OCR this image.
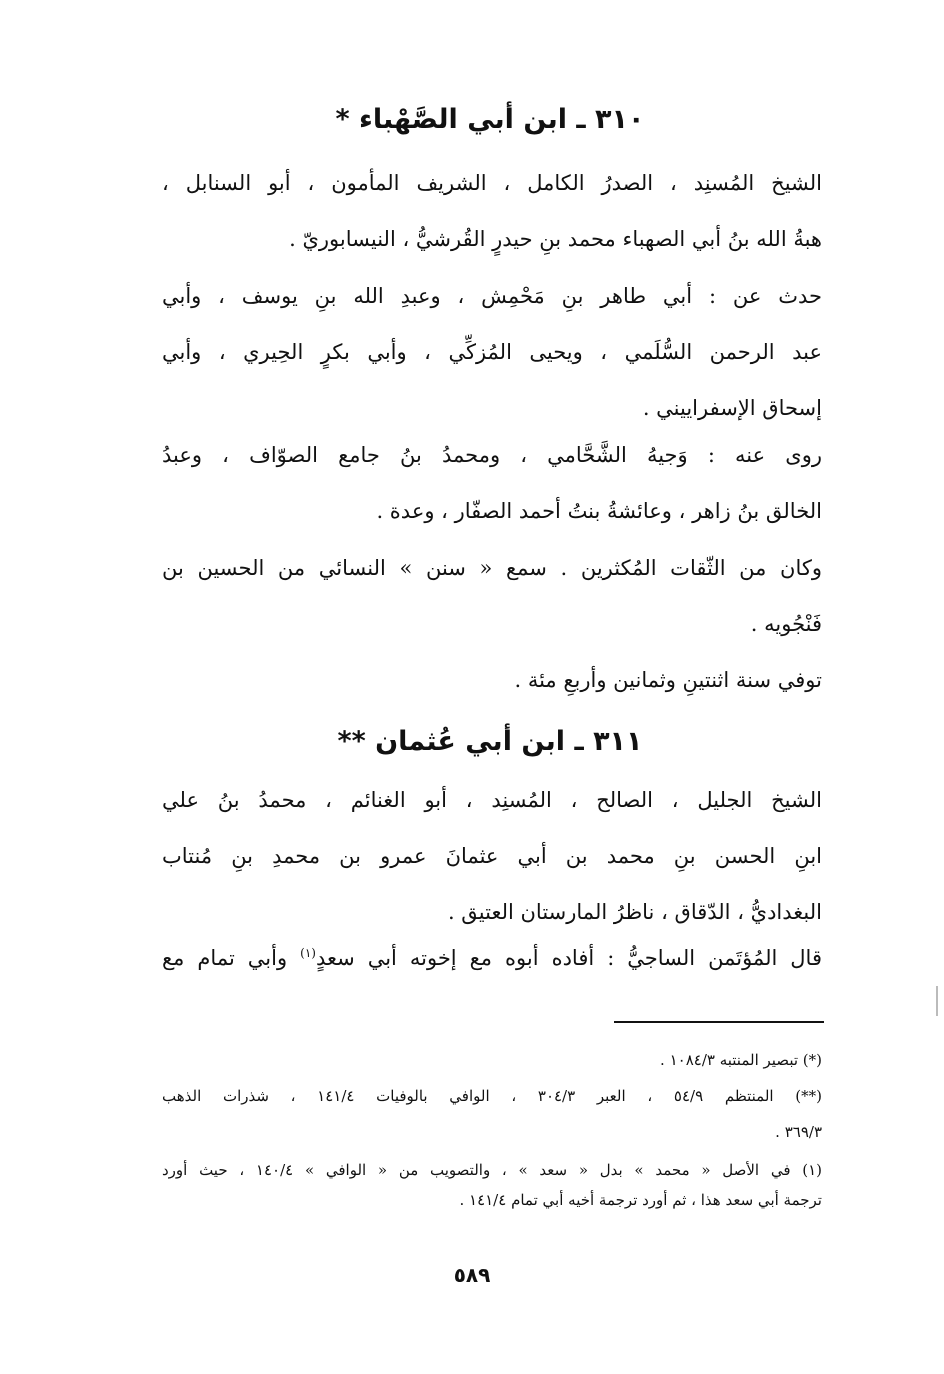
٣١٠ ـ ابن أبي الصَّهْباء *
الشيخ المُسنِد ، الصدرُ الكامل ، الشريف المأمون ، أبو السنابل ،
هبةُ الله بنُ أبي الصهباء محمد بنِ حيدرٍ القُرشيُّ ، النيسابوريّ .
حدث عن : أبي طاهر بنِ مَحْمِش ، وعبدِ الله بنِ يوسف ، وأبي
عبد الرحمن السُّلَمي ، ويحيى المُزكِّي ، وأبي بكرٍ الحِيري ، وأبي
إسحاق الإسفراييني .
روى عنه : وَجيهُ الشَّحَّامي ، ومحمدُ بنُ جامع الصوّاف ، وعبدُ
الخالق بنُ زاهر ، وعائشةُ بنتُ أحمد الصفّار ، وعدة .
وكان من الثّقات المُكثرين . سمع « سنن » النسائي من الحسين بن
فَنْجُويه .
توفي سنة اثنتينِ وثمانين وأربعِ مئة .
٣١١ ـ ابن أبي عُثمان **
الشيخ الجليل ، الصالح ، المُسنِد ، أبو الغنائم ، محمدُ بنُ علي
ابنِ الحسن بنِ محمد بن أبي عثمانَ عمرو بن محمدِ بنِ مُنتاب
البغداديُّ ، الدّقاق ، ناظرُ المارستان العتيق .
قال المُؤتَمن الساجيُّ : أفاده أبوه مع إخوته أبي سعدٍ$^{(١)}$ وأبي تمام مع
(*) تبصير المنتبه ١٠٨٤/٣ .
(**) المنتظم ٥٤/٩ ، العبر ٣٠٤/٣ ، الوافي بالوفيات ١٤١/٤ ، شذرات الذهب
٣٦٩/٣ .
(١) في الأصل « محمد » بدل « سعد » ، والتصويب من « الوافي » ١٤٠/٤ ، حيث أورد
ترجمة أبي سعد هذا ، ثم أورد ترجمة أخيه أبي تمام ١٤١/٤ .
٥٨٩
